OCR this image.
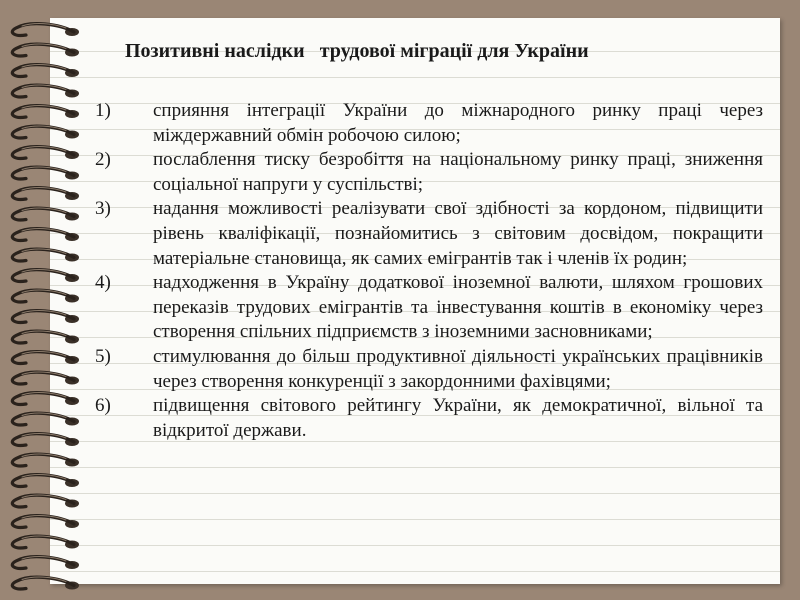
Позитивні наслідки   трудової міграції для України
1) сприяння інтеграції України до міжнародного ринку праці через міждержавний обмін робочою силою;
2) послаблення тиску безробіття на національному ринку праці, зниження соціальної напруги у суспільстві;
3) надання можливості реалізувати свої здібності за кордоном, підвищити рівень кваліфікації, познайомитись з світовим досвідом, покращити матеріальне становища, як самих емігрантів так і членів їх родин;
4) надходження в Україну додаткової іноземної валюти, шляхом грошових переказів трудових емігрантів та інвестування коштів в економіку через створення спільних підприємств з іноземними засновниками;
5) стимулювання до більш продуктивної діяльності українських працівників через створення конкуренції з закордонними фахівцями;
6) підвищення світового рейтингу України, як демократичної, вільної та відкритої держави.
